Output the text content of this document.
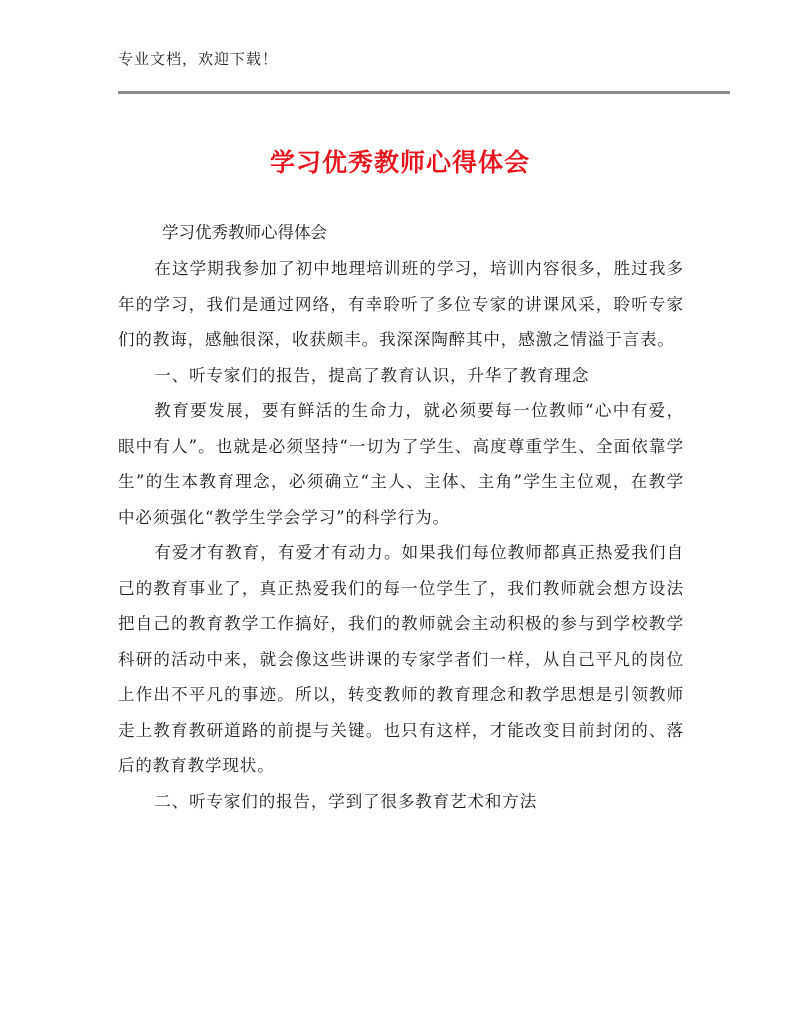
专业文档，欢迎下载！
学习优秀教师心得体会

学习优秀教师心得体会

在这学期我参加了初中地理培训班的学习，培训内容很多，胜过我多年的学习，我们是通过网络，有幸聆听了多位专家的讲课风采，聆听专家们的教诲，感触很深，收获颇丰。我深深陶醉其中，感激之情溢于言表。

一、听专家们的报告，提高了教育认识，升华了教育理念

教育要发展，要有鲜活的生命力，就必须要每一位教师“心中有爱，眼中有人”。也就是必须坚持“一切为了学生、高度尊重学生、全面依靠学生”的生本教育理念，必须确立“主人、主体、主角”学生主位观，在教学中必须强化“教学生学会学习”的科学行为。

有爱才有教育，有爱才有动力。如果我们每位教师都真正热爱我们自己的教育事业了，真正热爱我们的每一位学生了，我们教师就会想方设法把自己的教育教学工作搞好，我们的教师就会主动积极的参与到学校教学科研的活动中来，就会像这些讲课的专家学者们一样，从自己平凡的岗位上作出不平凡的事迹。所以，转变教师的教育理念和教学思想是引领教师走上教育教研道路的前提与关键。也只有这样，才能改变目前封闭的、落后的教育教学现状。

二、听专家们的报告，学到了很多教育艺术和方法
